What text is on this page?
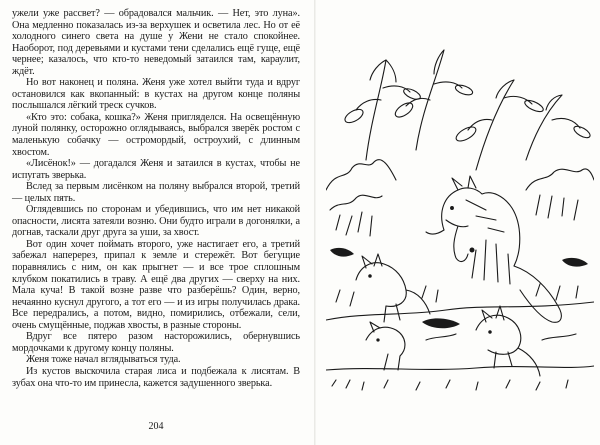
ужели уже рассвет? — обрадовался мальчик. — Нет, это луна». Она медленно показалась из-за верхушек и осветила лес. Но от её холодного синего света на душе у Жени не стало спокойнее. Наоборот, под деревьями и кустами тени сделались ещё гуще, ещё чернее; казалось, что кто-то неведомый затаился там, караулит, ждёт.

Но вот наконец и поляна. Женя уже хотел выйти туда и вдруг остановился как вкопанный: в кустах на другом конце поляны послышался лёгкий треск сучков.

«Кто это: собака, кошка?» Женя пригляделся. На освещённую луной полянку, осторожно оглядываясь, выбрался зверёк ростом с маленькую собачку — остромордый, остроухий, с длинным хвостом.

«Лисёнок!» — догадался Женя и затаился в кустах, чтобы не испугать зверька.

Вслед за первым лисёнком на поляну выбрался второй, третий — целых пять.

Оглядевшись по сторонам и убедившись, что им нет никакой опасности, лисята затеяли возню. Они будто играли в догонялки, а догнав, таскали друг друга за уши, за хвост.

Вот один хочет поймать второго, уже настигает его, а третий забежал наперерез, припал к земле и стережёт. Вот бегущие поравнялись с ним, он как прыгнет — и все трое сплошным клубком покатились в траву. А ещё два других — сверху на них. Мала куча! В такой возне разве что разберёшь? Один, верно, нечаянно куснул другого, а тот его — и из игры получилась драка. Все передрались, а потом, видно, помирились, отбежали, сели, очень смущённые, поджав хвосты, в разные стороны.

Вдруг все пятеро разом насторожились, обернувшись мордочками к другому концу поляны.

Женя тоже начал вглядываться туда.

Из кустов выскочила старая лиса и подбежала к лисятам. В зубах она что-то им принесла, кажется задушенного зверька.

204
